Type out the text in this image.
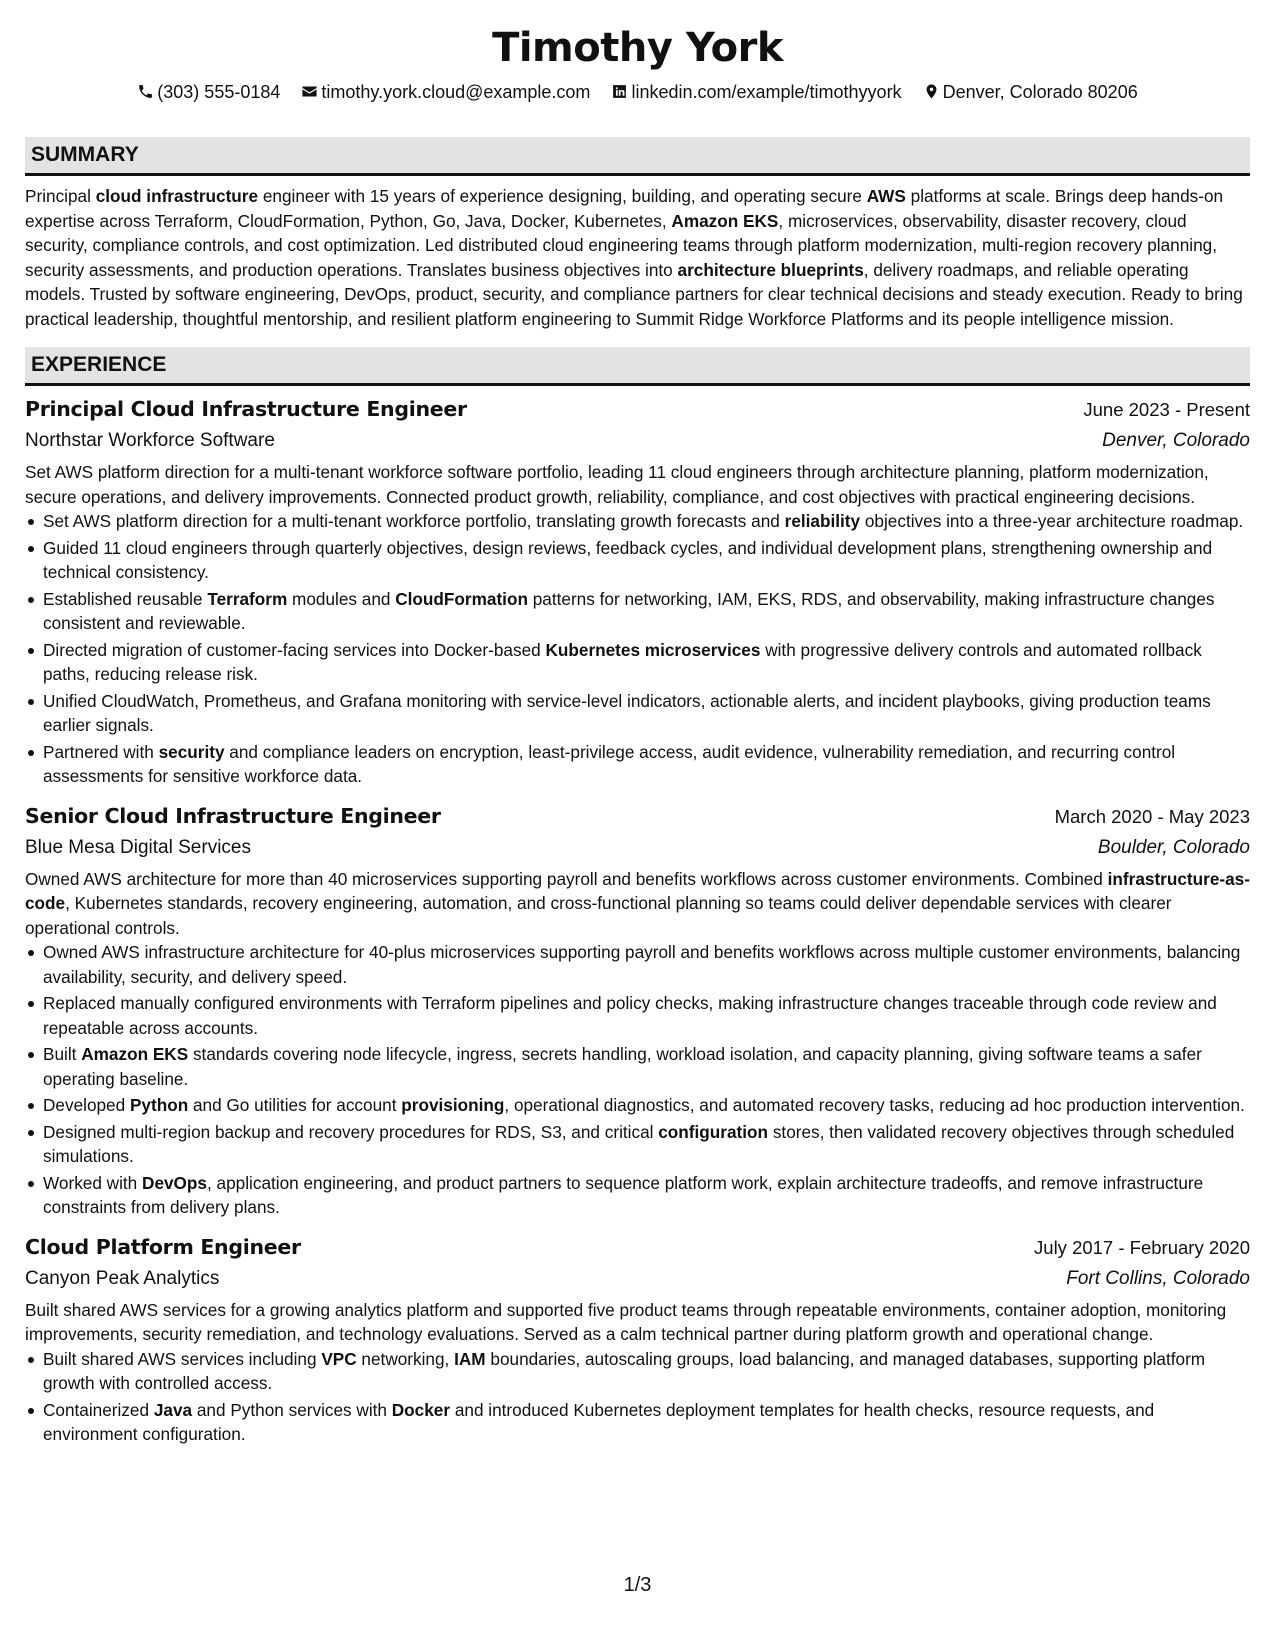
Timothy York
(303) 555-0184 timothy.york.cloud@example.com linkedin.com/example/timothyyork Denver, Colorado 80206
SUMMARY

Principal cloud infrastructure engineer with 15 years of experience designing, building, and operating secure AWS platforms at scale. Brings deep hands-on expertise across Terraform, CloudFormation, Python, Go, Java, Docker, Kubernetes, Amazon EKS, microservices, observability, disaster recovery, cloud security, compliance controls, and cost optimization. Led distributed cloud engineering teams through platform modernization, multi-region recovery planning, security assessments, and production operations. Translates business objectives into architecture blueprints, delivery roadmaps, and reliable operating models. Trusted by software engineering, DevOps, product, security, and compliance partners for clear technical decisions and steady execution. Ready to bring practical leadership, thoughtful mentorship, and resilient platform engineering to Summit Ridge Workforce Platforms and its people intelligence mission.

EXPERIENCE
Principal Cloud Infrastructure Engineer	June 2023 - Present
Northstar Workforce Software	Denver, Colorado

Set AWS platform direction for a multi-tenant workforce software portfolio, leading 11 cloud engineers through architecture planning, platform modernization, secure operations, and delivery improvements. Connected product growth, reliability, compliance, and cost objectives with practical engineering decisions.

Set AWS platform direction for a multi-tenant workforce portfolio, translating growth forecasts and reliability objectives into a three-year architecture roadmap.
Guided 11 cloud engineers through quarterly objectives, design reviews, feedback cycles, and individual development plans, strengthening ownership and technical consistency.
Established reusable Terraform modules and CloudFormation patterns for networking, IAM, EKS, RDS, and observability, making infrastructure changes consistent and reviewable.
Directed migration of customer-facing services into Docker-based Kubernetes microservices with progressive delivery controls and automated rollback paths, reducing release risk.
Unified CloudWatch, Prometheus, and Grafana monitoring with service-level indicators, actionable alerts, and incident playbooks, giving production teams earlier signals.
Partnered with security and compliance leaders on encryption, least-privilege access, audit evidence, vulnerability remediation, and recurring control assessments for sensitive workforce data.
Senior Cloud Infrastructure Engineer	March 2020 - May 2023
Blue Mesa Digital Services	Boulder, Colorado

Owned AWS architecture for more than 40 microservices supporting payroll and benefits workflows across customer environments. Combined infrastructure-as-code, Kubernetes standards, recovery engineering, automation, and cross-functional planning so teams could deliver dependable services with clearer operational controls.

Owned AWS infrastructure architecture for 40-plus microservices supporting payroll and benefits workflows across multiple customer environments, balancing availability, security, and delivery speed.
Replaced manually configured environments with Terraform pipelines and policy checks, making infrastructure changes traceable through code review and repeatable across accounts.
Built Amazon EKS standards covering node lifecycle, ingress, secrets handling, workload isolation, and capacity planning, giving software teams a safer operating baseline.
Developed Python and Go utilities for account provisioning, operational diagnostics, and automated recovery tasks, reducing ad hoc production intervention.
Designed multi-region backup and recovery procedures for RDS, S3, and critical configuration stores, then validated recovery objectives through scheduled simulations.
Worked with DevOps, application engineering, and product partners to sequence platform work, explain architecture tradeoffs, and remove infrastructure constraints from delivery plans.
Cloud Platform Engineer	July 2017 - February 2020
Canyon Peak Analytics	Fort Collins, Colorado

Built shared AWS services for a growing analytics platform and supported five product teams through repeatable environments, container adoption, monitoring improvements, security remediation, and technology evaluations. Served as a calm technical partner during platform growth and operational change.

Built shared AWS services including VPC networking, IAM boundaries, autoscaling groups, load balancing, and managed databases, supporting platform growth with controlled access.
Containerized Java and Python services with Docker and introduced Kubernetes deployment templates for health checks, resource requests, and environment configuration.
1/3
